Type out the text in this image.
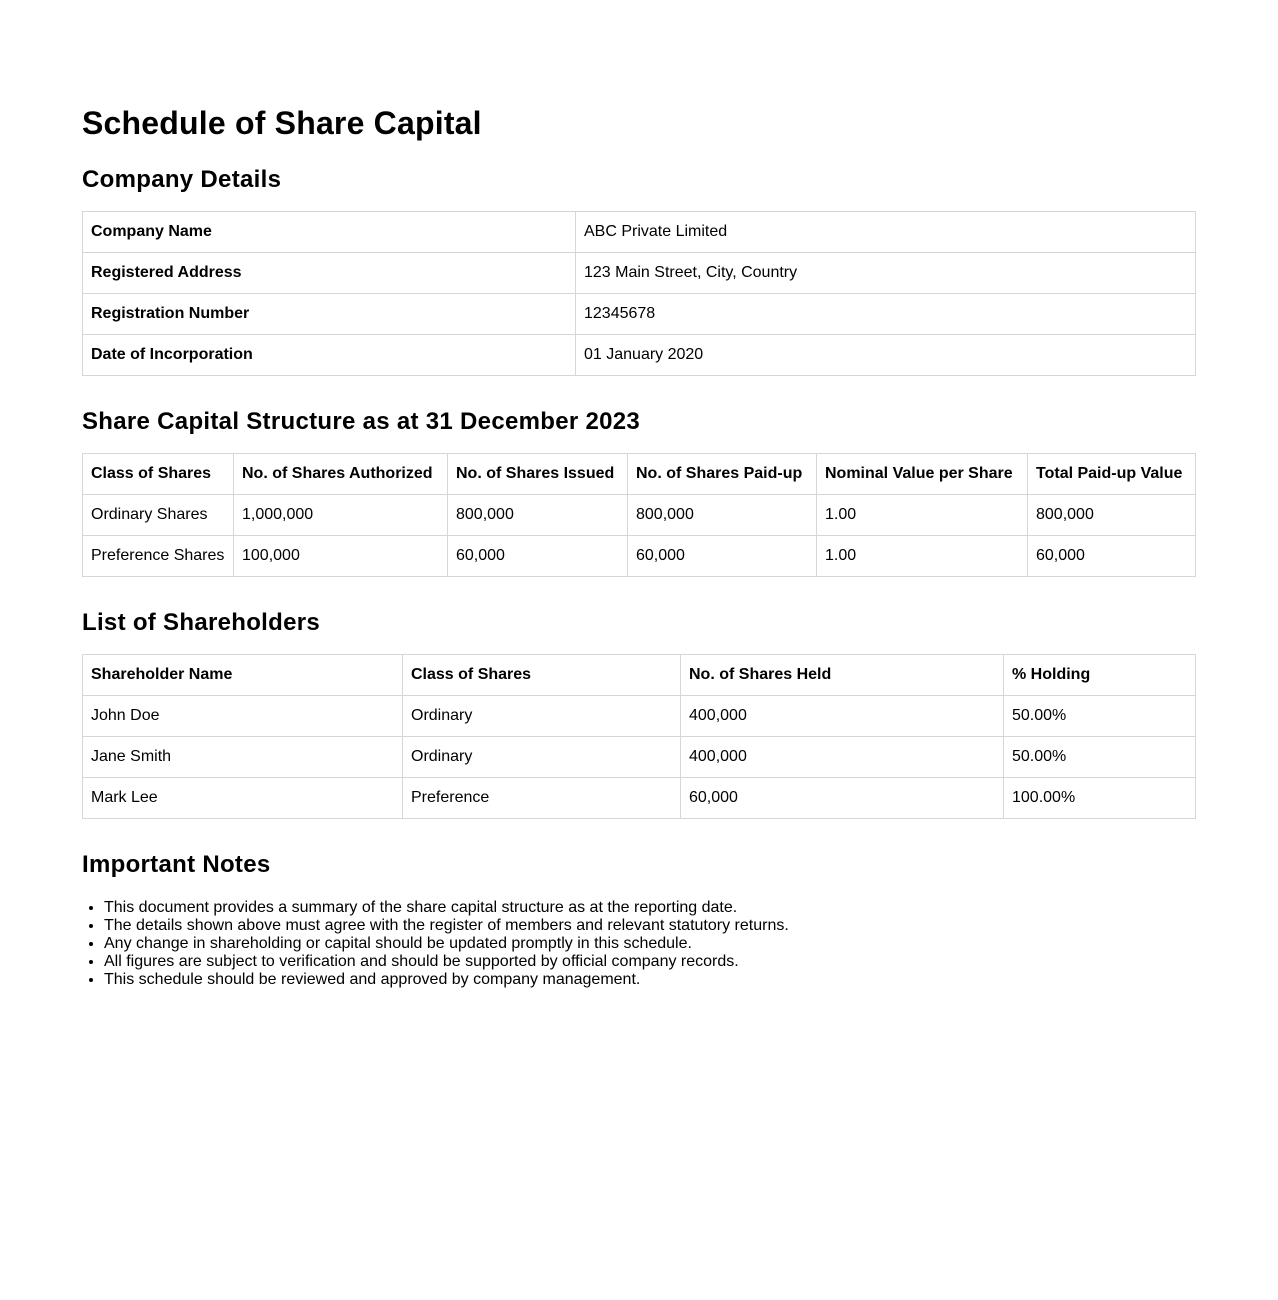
Schedule of Share Capital
Company Details
Company Name	ABC Private Limited
Registered Address	123 Main Street, City, Country
Registration Number	12345678
Date of Incorporation	01 January 2020
Share Capital Structure as at 31 December 2023
Class of Shares	No. of Shares Authorized	No. of Shares Issued	No. of Shares Paid-up	Nominal Value per Share	Total Paid-up Value
Ordinary Shares	1,000,000	800,000	800,000	1.00	800,000
Preference Shares	100,000	60,000	60,000	1.00	60,000
List of Shareholders
Shareholder Name	Class of Shares	No. of Shares Held	% Holding
John Doe	Ordinary	400,000	50.00%
Jane Smith	Ordinary	400,000	50.00%
Mark Lee	Preference	60,000	100.00%
Important Notes
• This document provides a summary of the share capital structure as at the reporting date.
• The details shown above must agree with the register of members and relevant statutory returns.
• Any change in shareholding or capital should be updated promptly in this schedule.
• All figures are subject to verification and should be supported by official company records.
• This schedule should be reviewed and approved by company management.
